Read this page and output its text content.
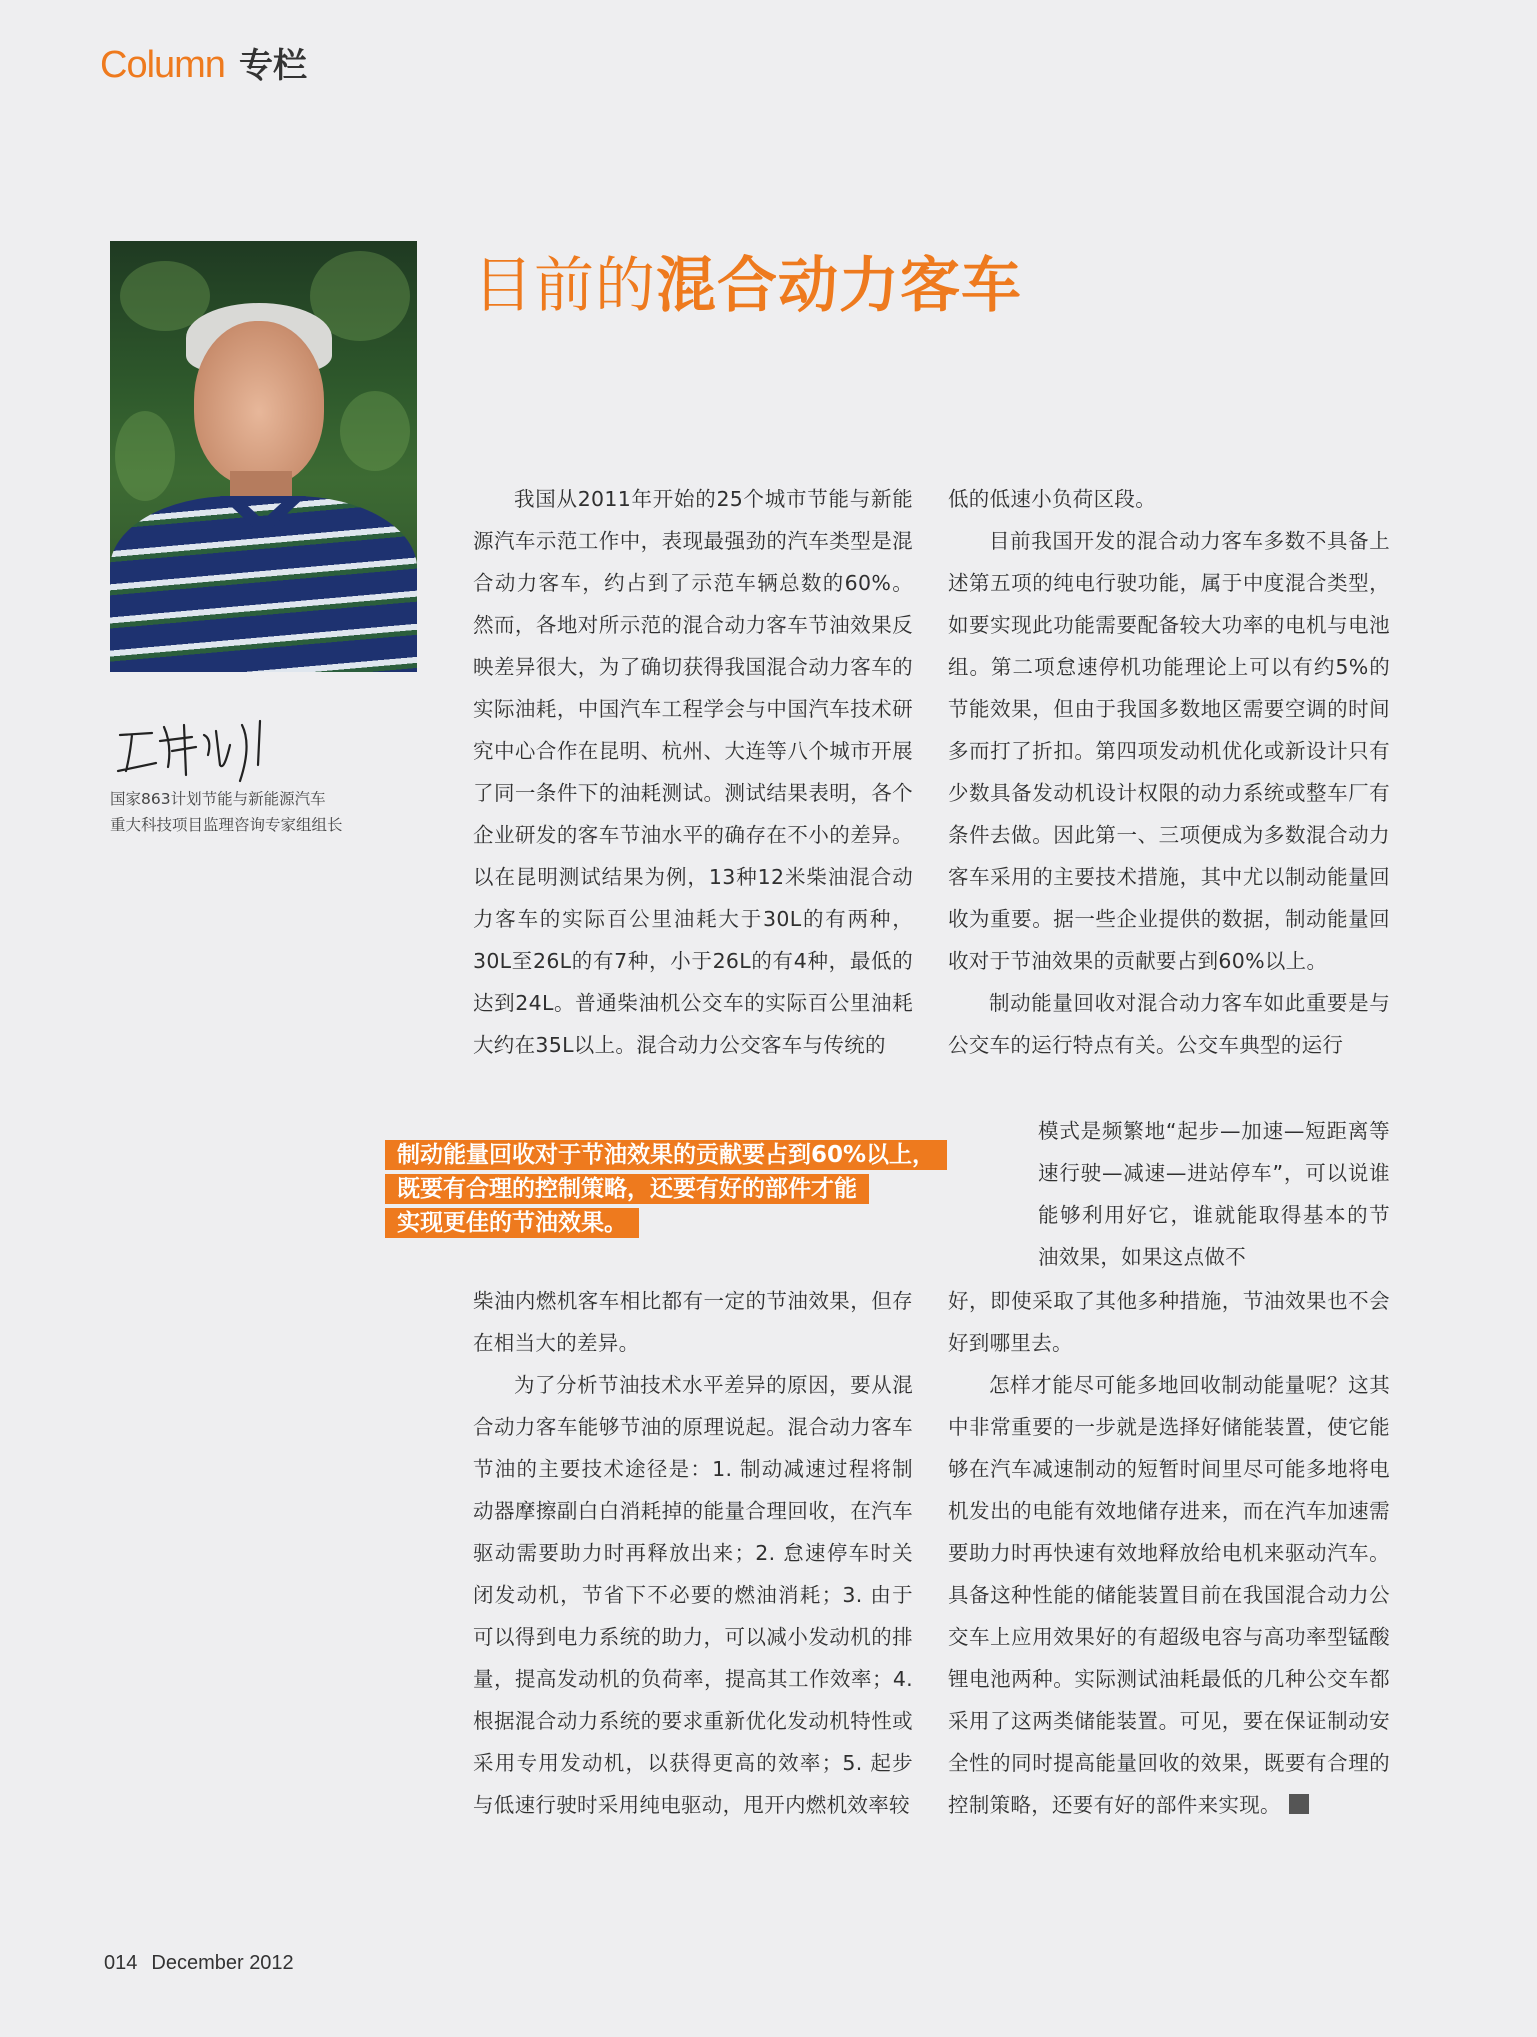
Column 专栏
国家863计划节能与新能源汽车
重大科技项目监理咨询专家组组长
目前的混合动力客车

我国从2011年开始的25个城市节能与新能源汽车示范工作中，表现最强劲的汽车类型是混合动力客车，约占到了示范车辆总数的60%。然而，各地对所示范的混合动力客车节油效果反映差异很大，为了确切获得我国混合动力客车的实际油耗，中国汽车工程学会与中国汽车技术研究中心合作在昆明、杭州、大连等八个城市开展了同一条件下的油耗测试。测试结果表明，各个企业研发的客车节油水平的确存在不小的差异。以在昆明测试结果为例，13种12米柴油混合动力客车的实际百公里油耗大于30L的有两种，30L至26L的有7种，小于26L的有4种，最低的达到24L。普通柴油机公交车的实际百公里油耗大约在35L以上。混合动力公交客车与传统的

柴油内燃机客车相比都有一定的节油效果，但存在相当大的差异。

为了分析节油技术水平差异的原因，要从混合动力客车能够节油的原理说起。混合动力客车节油的主要技术途径是：1. 制动减速过程将制动器摩擦副白白消耗掉的能量合理回收，在汽车驱动需要助力时再释放出来；2. 怠速停车时关闭发动机，节省下不必要的燃油消耗；3. 由于可以得到电力系统的助力，可以减小发动机的排量，提高发动机的负荷率，提高其工作效率；4. 根据混合动力系统的要求重新优化发动机特性或采用专用发动机，以获得更高的效率；5. 起步与低速行驶时采用纯电驱动，甩开内燃机效率较

低的低速小负荷区段。

目前我国开发的混合动力客车多数不具备上述第五项的纯电行驶功能，属于中度混合类型，如要实现此功能需要配备较大功率的电机与电池组。第二项怠速停机功能理论上可以有约5%的节能效果，但由于我国多数地区需要空调的时间多而打了折扣。第四项发动机优化或新设计只有少数具备发动机设计权限的动力系统或整车厂有条件去做。因此第一、三项便成为多数混合动力客车采用的主要技术措施，其中尤以制动能量回收为重要。据一些企业提供的数据，制动能量回收对于节油效果的贡献要占到60%以上。

制动能量回收对混合动力客车如此重要是与公交车的运行特点有关。公交车典型的运行

模式是频繁地“起步—加速—短距离等速行驶—减速—进站停车”，可以说谁能够利用好它，谁就能取得基本的节油效果，如果这点做不

好，即使采取了其他多种措施，节油效果也不会好到哪里去。

怎样才能尽可能多地回收制动能量呢？这其中非常重要的一步就是选择好储能装置，使它能够在汽车减速制动的短暂时间里尽可能多地将电机发出的电能有效地储存进来，而在汽车加速需要助力时再快速有效地释放给电机来驱动汽车。具备这种性能的储能装置目前在我国混合动力公交车上应用效果好的有超级电容与高功率型锰酸锂电池两种。实际测试油耗最低的几种公交车都采用了这两类储能装置。可见，要在保证制动安全性的同时提高能量回收的效果，既要有合理的控制策略，还要有好的部件来实现。

制动能量回收对于节油效果的贡献要占到60%以上，
既要有合理的控制策略，还要有好的部件才能
实现更佳的节油效果。
014 December 2012
